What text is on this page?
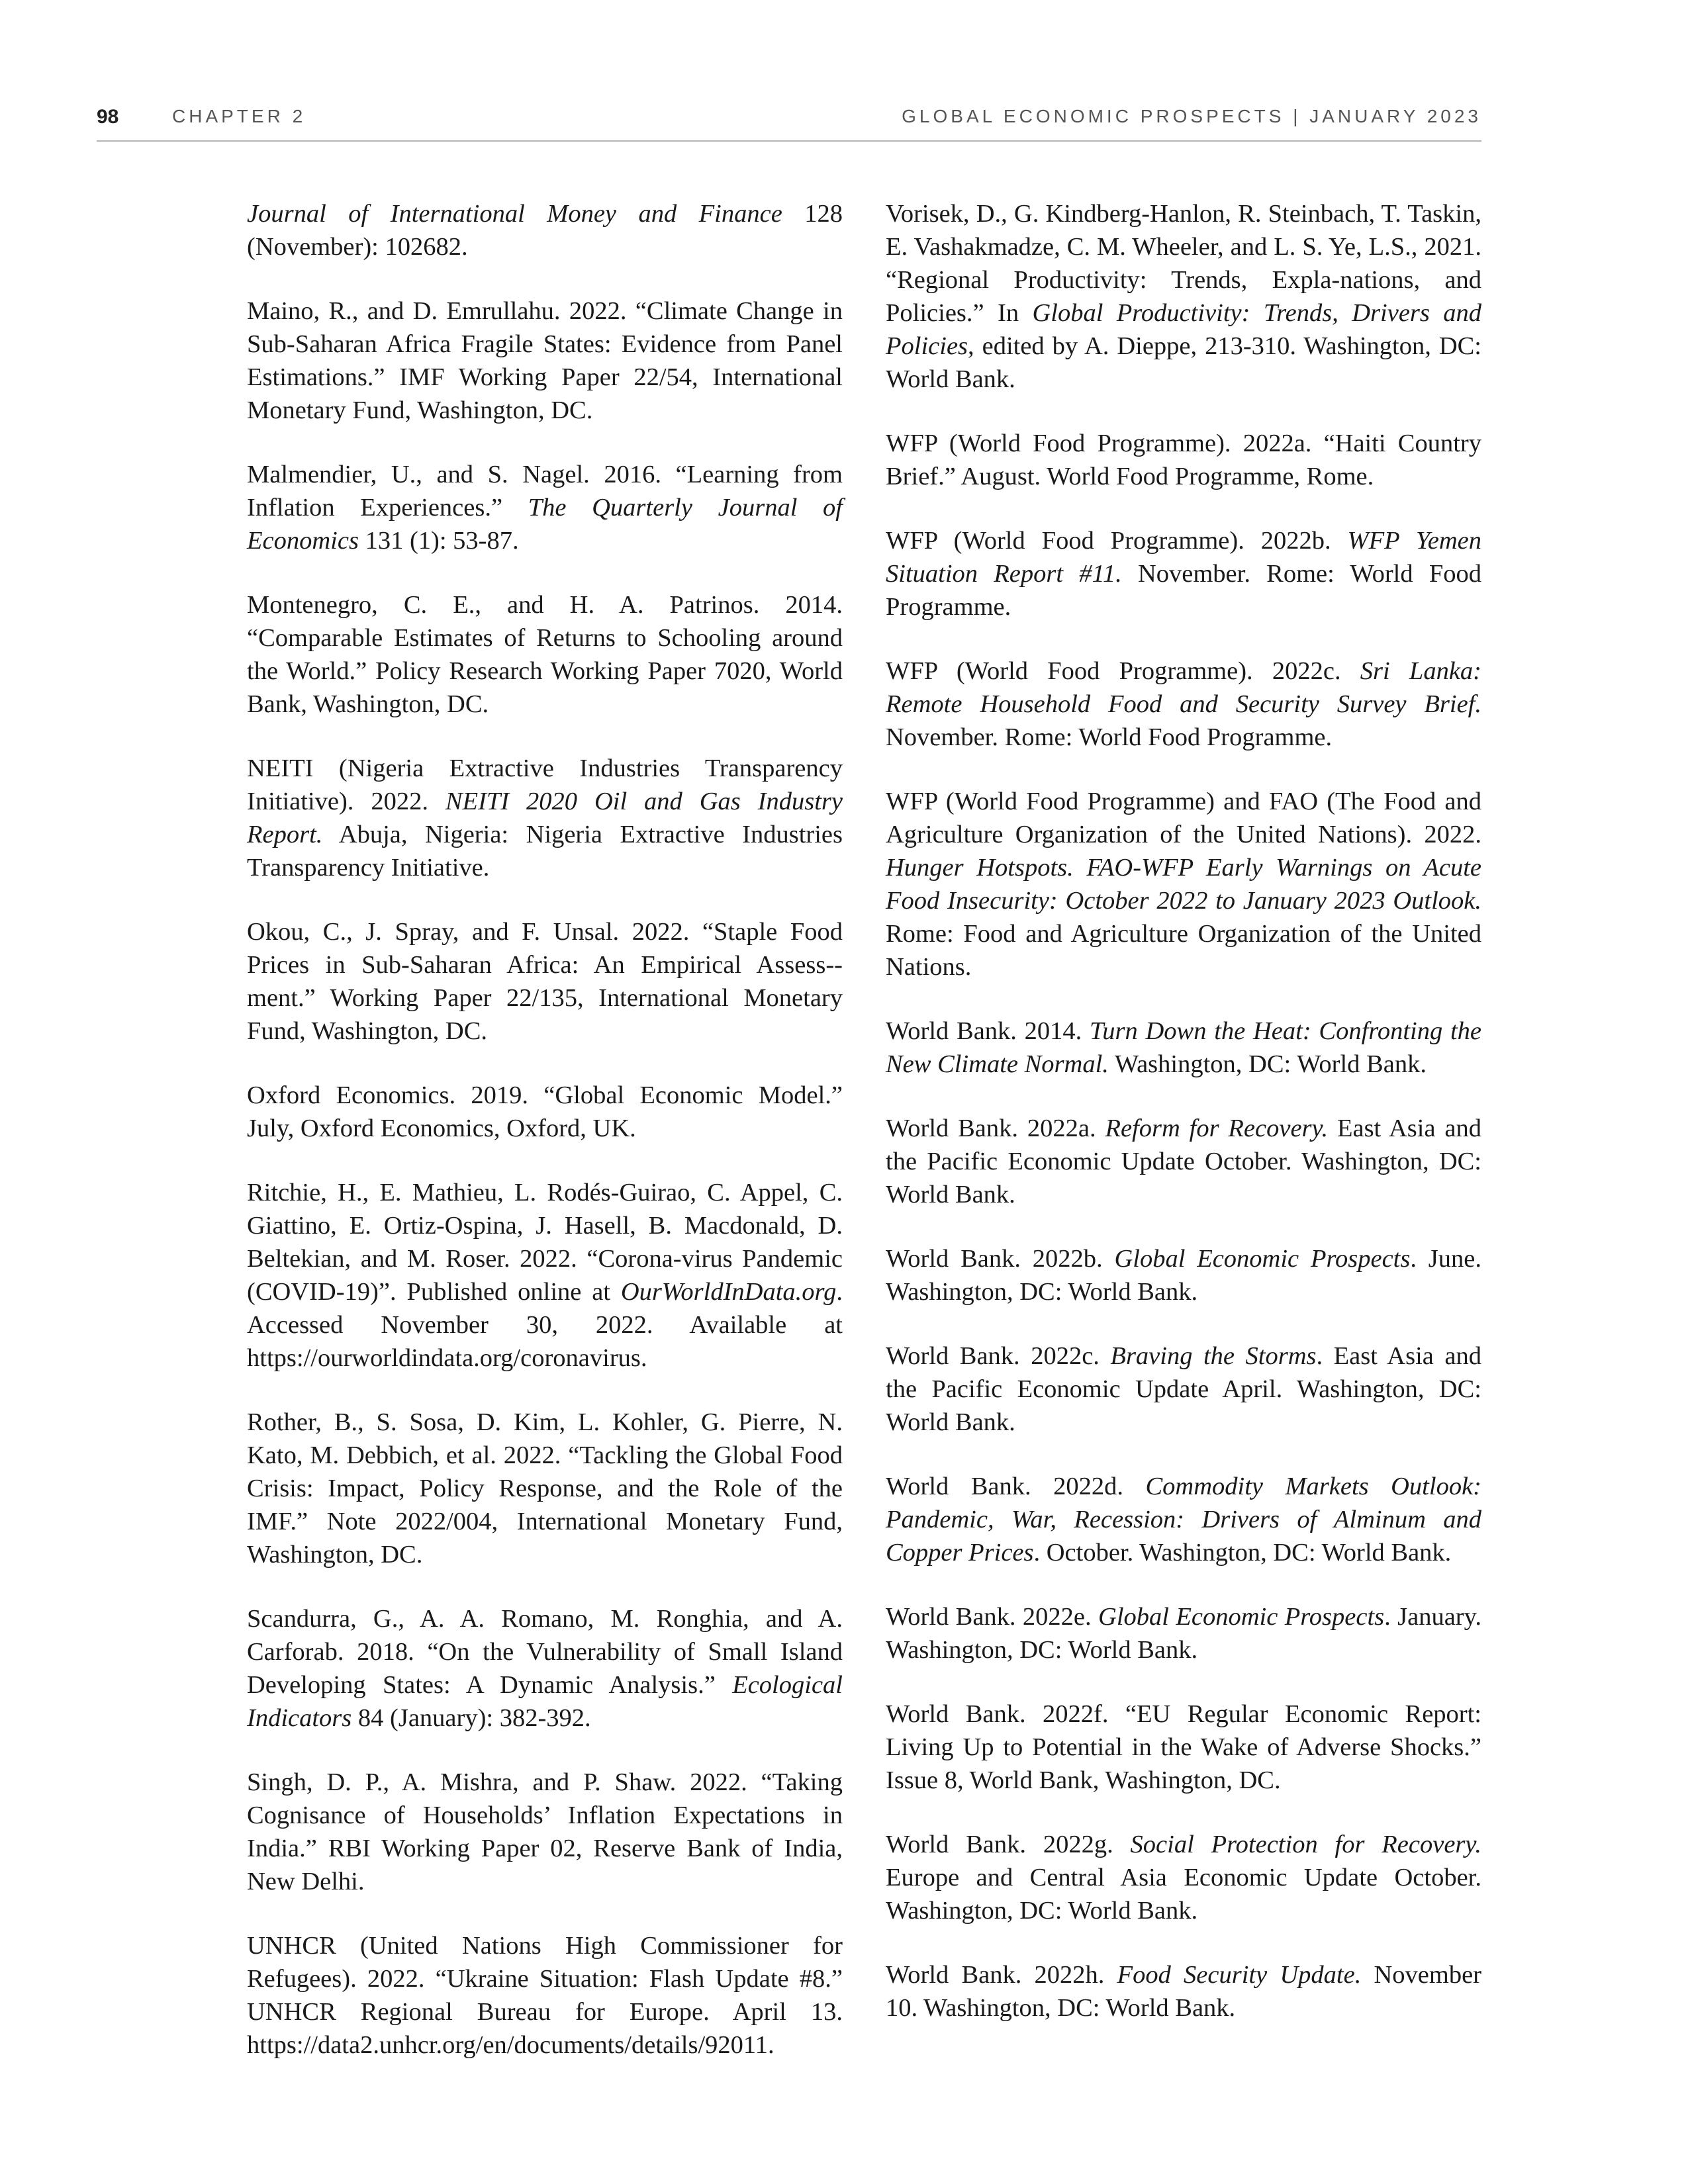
98	CHAPTER 2	GLOBAL ECONOMIC PROSPECTS | JANUARY 2023

Journal of International Money and Finance 128 (November): 102682.

Maino, R., and D. Emrullahu. 2022. “Climate Change in Sub-Saharan Africa Fragile States: Evidence from Panel Estimations.” IMF Working Paper 22/54, International Monetary Fund, Washington, DC.

Malmendier, U., and S. Nagel. 2016. “Learning from Inflation Experiences.” The Quarterly Journal of Economics 131 (1): 53-87.

Montenegro, C. E., and H. A. Patrinos. 2014. “Comparable Estimates of Returns to Schooling around the World.” Policy Research Working Paper 7020, World Bank, Washington, DC.

NEITI (Nigeria Extractive Industries Transparency Initiative). 2022. NEITI 2020 Oil and Gas Industry Report. Abuja, Nigeria: Nigeria Extractive Industries Transparency Initiative.

Okou, C., J. Spray, and F. Unsal. 2022. “Staple Food Prices in Sub-Saharan Africa: An Empirical Assess-ment.” Working Paper 22/135, International Monetary Fund, Washington, DC.

Oxford Economics. 2019. “Global Economic Model.” July, Oxford Economics, Oxford, UK.

Ritchie, H., E. Mathieu, L. Rodés-Guirao, C. Appel, C. Giattino, E. Ortiz-Ospina, J. Hasell, B. Macdonald, D. Beltekian, and M. Roser. 2022. “Corona-virus Pandemic (COVID-19)”. Published online at OurWorldInData.org. Accessed November 30, 2022. Available at https://ourworldindata.org/coronavirus.

Rother, B., S. Sosa, D. Kim, L. Kohler, G. Pierre, N. Kato, M. Debbich, et al. 2022. “Tackling the Global Food Crisis: Impact, Policy Response, and the Role of the IMF.” Note 2022/004, International Monetary Fund, Washington, DC.

Scandurra, G., A. A. Romano, M. Ronghia, and A. Carforab. 2018. “On the Vulnerability of Small Island Developing States: A Dynamic Analysis.” Ecological Indicators 84 (January): 382-392.

Singh, D. P., A. Mishra, and P. Shaw. 2022. “Taking Cognisance of Households’ Inflation Expectations in India.” RBI Working Paper 02, Reserve Bank of India, New Delhi.

UNHCR (United Nations High Commissioner for Refugees). 2022. “Ukraine Situation: Flash Update #8.” UNHCR Regional Bureau for Europe. April 13. https://data2.unhcr.org/en/documents/details/92011.

Vorisek, D., G. Kindberg-Hanlon, R. Steinbach, T. Taskin, E. Vashakmadze, C. M. Wheeler, and L. S. Ye, L.S., 2021. “Regional Productivity: Trends, Expla-nations, and Policies.” In Global Productivity: Trends, Drivers and Policies, edited by A. Dieppe, 213-310. Washington, DC: World Bank.

WFP (World Food Programme). 2022a. “Haiti Country Brief.” August. World Food Programme, Rome.

WFP (World Food Programme). 2022b. WFP Yemen Situation Report #11. November. Rome: World Food Programme.

WFP (World Food Programme). 2022c. Sri Lanka: Remote Household Food and Security Survey Brief. November. Rome: World Food Programme.

WFP (World Food Programme) and FAO (The Food and Agriculture Organization of the United Nations). 2022. Hunger Hotspots. FAO-WFP Early Warnings on Acute Food Insecurity: October 2022 to January 2023 Outlook. Rome: Food and Agriculture Organization of the United Nations.

World Bank. 2014. Turn Down the Heat: Confronting the New Climate Normal. Washington, DC: World Bank.

World Bank. 2022a. Reform for Recovery. East Asia and the Pacific Economic Update October. Washington, DC: World Bank.

World Bank. 2022b. Global Economic Prospects. June. Washington, DC: World Bank.

World Bank. 2022c. Braving the Storms. East Asia and the Pacific Economic Update April. Washington, DC: World Bank.

World Bank. 2022d. Commodity Markets Outlook: Pandemic, War, Recession: Drivers of Alminum and Copper Prices. October. Washington, DC: World Bank.

World Bank. 2022e. Global Economic Prospects. January. Washington, DC: World Bank.

World Bank. 2022f. “EU Regular Economic Report: Living Up to Potential in the Wake of Adverse Shocks.” Issue 8, World Bank, Washington, DC.

World Bank. 2022g. Social Protection for Recovery. Europe and Central Asia Economic Update October. Washington, DC: World Bank.

World Bank. 2022h. Food Security Update. November 10. Washington, DC: World Bank.
